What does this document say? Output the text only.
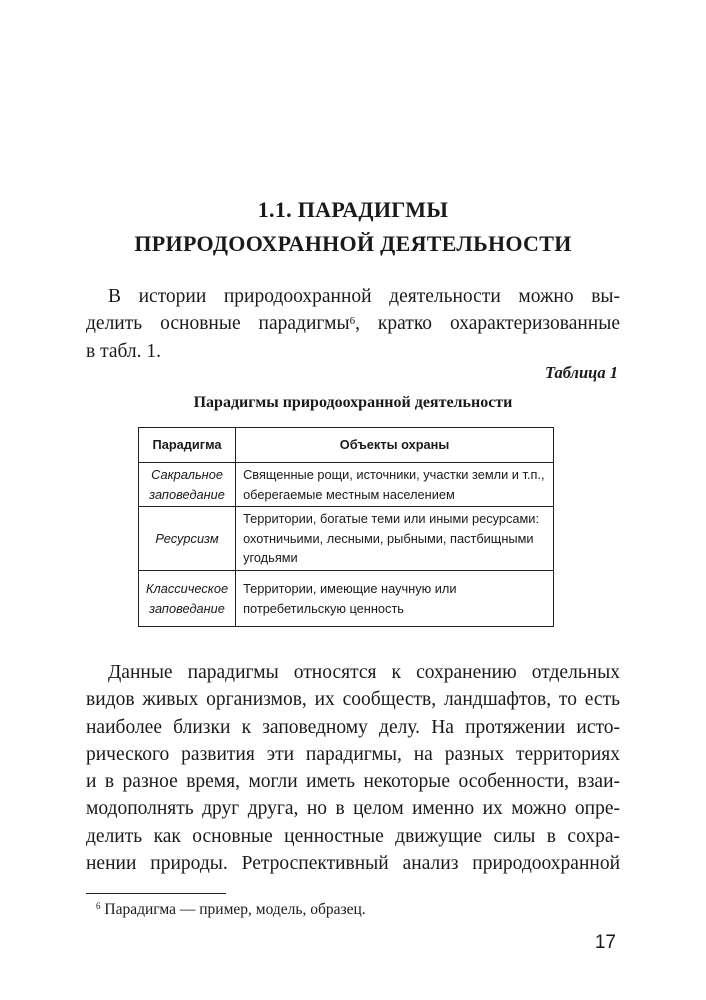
1.1. ПАРАДИГМЫ
ПРИРОДООХРАННОЙ ДЕЯТЕЛЬНОСТИ
В истории природоохранной деятельности можно вы-
делить основные парадигмы$^6$, кратко охарактеризованные
в табл. 1.
Таблица 1
Парадигмы природоохранной деятельности
Парадигма	Объекты охраны
Сакральное заповедание	Священные рощи, источники, участки земли и т.п., оберегаемые местным населением
Ресурсизм	Территории, богатые теми или иными ресурсами: охотничьими, лесными, рыбными, пастбищными угодьями
Классическое заповедание	Территории, имеющие научную или потребетильскую ценность
Данные парадигмы относятся к сохранению отдельных
видов живых организмов, их сообществ, ландшафтов, то есть
наиболее близки к заповедному делу. На протяжении исто-
рического развития эти парадигмы, на разных территориях
и в разное время, могли иметь некоторые особенности, взаи-
модополнять друг друга, но в целом именно их можно опре-
делить как основные ценностные движущие силы в сохра-
нении природы. Ретроспективный анализ природоохранной
$^6$ Парадигма — пример, модель, образец.
17
